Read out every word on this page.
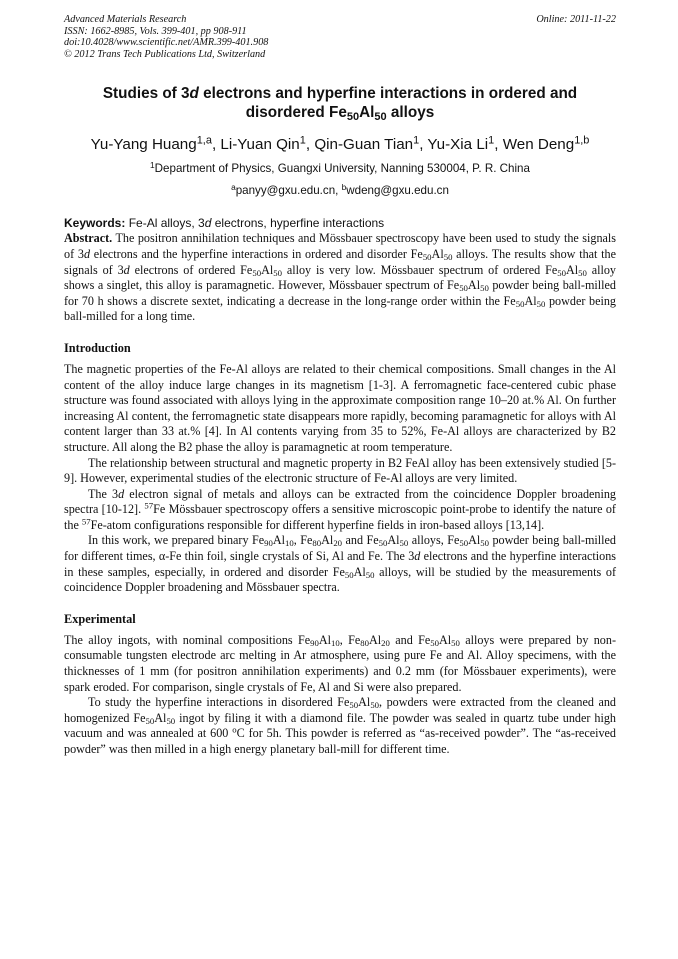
Advanced Materials Research
ISSN: 1662-8985, Vols. 399-401, pp 908-911
doi:10.4028/www.scientific.net/AMR.399-401.908
© 2012 Trans Tech Publications Ltd, Switzerland
Online: 2011-11-22
Studies of 3d electrons and hyperfine interactions in ordered and
disordered $Fe_{50}Al_{50}$ alloys
Yu-Yang Huang$^{1,a}$, Li-Yuan Qin$^1$, Qin-Guan Tian$^1$, Yu-Xia Li$^1$, Wen Deng$^{1,b}$
$^1$Department of Physics, Guangxi University, Nanning 530004, P. R. China
$^a$panyy@gxu.edu.cn, $^b$wdeng@gxu.edu.cn
Keywords: Fe-Al alloys, 3d electrons, hyperfine interactions

Abstract. The positron annihilation techniques and Mössbauer spectroscopy have been used to study the signals of 3d electrons and the hyperfine interactions in ordered and disorder $Fe_{50}Al_{50}$ alloys. The results show that the signals of 3d electrons of ordered $Fe_{50}Al_{50}$ alloy is very low. Mössbauer spectrum of ordered $Fe_{50}Al_{50}$ alloy shows a singlet, this alloy is paramagnetic. However, Mössbauer spectrum of $Fe_{50}Al_{50}$ powder being ball-milled for 70 h shows a discrete sextet, indicating a decrease in the long-range order within the $Fe_{50}Al_{50}$ powder being ball-milled for a long time.

Introduction

The magnetic properties of the Fe-Al alloys are related to their chemical compositions. Small changes in the Al content of the alloy induce large changes in its magnetism [1-3]. A ferromagnetic face-centered cubic phase structure was found associated with alloys lying in the approximate composition range 10–20 at.% Al. On further increasing Al content, the ferromagnetic state disappears more rapidly, becoming paramagnetic for alloys with Al content larger than 33 at.% [4]. In Al contents varying from 35 to 52%, Fe-Al alloys are characterized by B2 structure. All along the B2 phase the alloy is paramagnetic at room temperature.

The relationship between structural and magnetic property in B2 FeAl alloy has been extensively studied [5-9]. However, experimental studies of the electronic structure of Fe-Al alloys are very limited.

The 3d electron signal of metals and alloys can be extracted from the coincidence Doppler broadening spectra [10-12]. $^{57}$Fe Mössbauer spectroscopy offers a sensitive microscopic point-probe to identify the nature of the $^{57}$Fe-atom configurations responsible for different hyperfine fields in iron-based alloys [13,14].

In this work, we prepared binary $Fe_{90}Al_{10}$, $Fe_{80}Al_{20}$ and $Fe_{50}Al_{50}$ alloys, $Fe_{50}Al_{50}$ powder being ball-milled for different times, α-Fe thin foil, single crystals of Si, Al and Fe. The 3d electrons and the hyperfine interactions in these samples, especially, in ordered and disorder $Fe_{50}Al_{50}$ alloys, will be studied by the measurements of coincidence Doppler broadening and Mössbauer spectra.

Experimental

The alloy ingots, with nominal compositions $Fe_{90}Al_{10}$, $Fe_{80}Al_{20}$ and $Fe_{50}Al_{50}$ alloys were prepared by non-consumable tungsten electrode arc melting in Ar atmosphere, using pure Fe and Al. Alloy specimens, with the thicknesses of 1 mm (for positron annihilation experiments) and 0.2 mm (for Mössbauer experiments), were spark eroded. For comparison, single crystals of Fe, Al and Si were also prepared.

To study the hyperfine interactions in disordered $Fe_{50}Al_{50}$, powders were extracted from the cleaned and homogenized $Fe_{50}Al_{50}$ ingot by filing it with a diamond file. The powder was sealed in quartz tube under high vacuum and was annealed at 600 $^o$C for 5h. This powder is referred as “as-received powder”. The “as-received powder” was then milled in a high energy planetary ball-mill for different time.
